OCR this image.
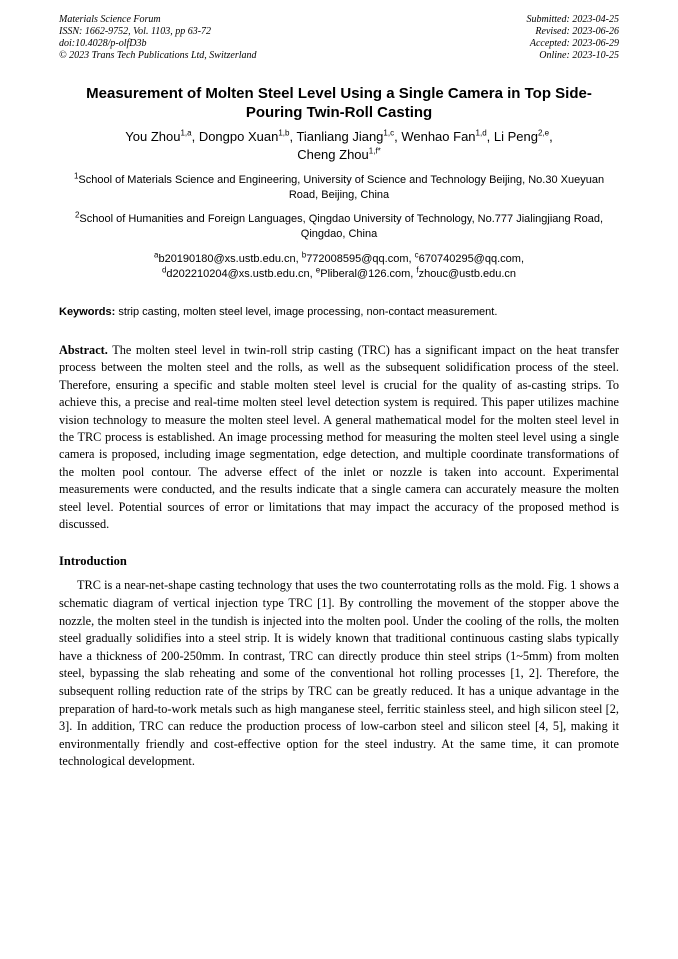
Materials Science Forum
ISSN: 1662-9752, Vol. 1103, pp 63-72
doi:10.4028/p-olfD3b
© 2023 Trans Tech Publications Ltd, Switzerland
Submitted: 2023-04-25
Revised: 2023-06-26
Accepted: 2023-06-29
Online: 2023-10-25
Measurement of Molten Steel Level Using a Single Camera in Top Side-Pouring Twin-Roll Casting

You Zhou$^{1,a}$, Dongpo Xuan$^{1,b}$, Tianliang Jiang$^{1,c}$, Wenhao Fan$^{1,d}$, Li Peng$^{2,e}$,
Cheng Zhou$^{1,f*}$

$^1$School of Materials Science and Engineering, University of Science and Technology Beijing, No.30 Xueyuan Road, Beijing, China

$^2$School of Humanities and Foreign Languages, Qingdao University of Technology, No.777 Jialingjiang Road, Qingdao, China

$^a$b20190180@xs.ustb.edu.cn, $^b$772008595@qq.com, $^c$670740295@qq.com,
$^d$d202210204@xs.ustb.edu.cn, $^e$Pliberal@126.com, $^f$zhouc@ustb.edu.cn

Keywords: strip casting, molten steel level, image processing, non-contact measurement.

Abstract. The molten steel level in twin-roll strip casting (TRC) has a significant impact on the heat transfer process between the molten steel and the rolls, as well as the subsequent solidification process of the steel. Therefore, ensuring a specific and stable molten steel level is crucial for the quality of as-casting strips. To achieve this, a precise and real-time molten steel level detection system is required. This paper utilizes machine vision technology to measure the molten steel level. A general mathematical model for the molten steel level in the TRC process is established. An image processing method for measuring the molten steel level using a single camera is proposed, including image segmentation, edge detection, and multiple coordinate transformations of the molten pool contour. The adverse effect of the inlet or nozzle is taken into account. Experimental measurements were conducted, and the results indicate that a single camera can accurately measure the molten steel level. Potential sources of error or limitations that may impact the accuracy of the proposed method is discussed.

Introduction

TRC is a near-net-shape casting technology that uses the two counterrotating rolls as the mold. Fig. 1 shows a schematic diagram of vertical injection type TRC [1]. By controlling the movement of the stopper above the nozzle, the molten steel in the tundish is injected into the molten pool. Under the cooling of the rolls, the molten steel gradually solidifies into a steel strip. It is widely known that traditional continuous casting slabs typically have a thickness of 200-250mm. In contrast, TRC can directly produce thin steel strips (1~5mm) from molten steel, bypassing the slab reheating and some of the conventional hot rolling processes [1, 2]. Therefore, the subsequent rolling reduction rate of the strips by TRC can be greatly reduced. It has a unique advantage in the preparation of hard-to-work metals such as high manganese steel, ferritic stainless steel, and high silicon steel [2, 3]. In addition, TRC can reduce the production process of low-carbon steel and silicon steel [4, 5], making it environmentally friendly and cost-effective option for the steel industry. At the same time, it can promote technological development.
